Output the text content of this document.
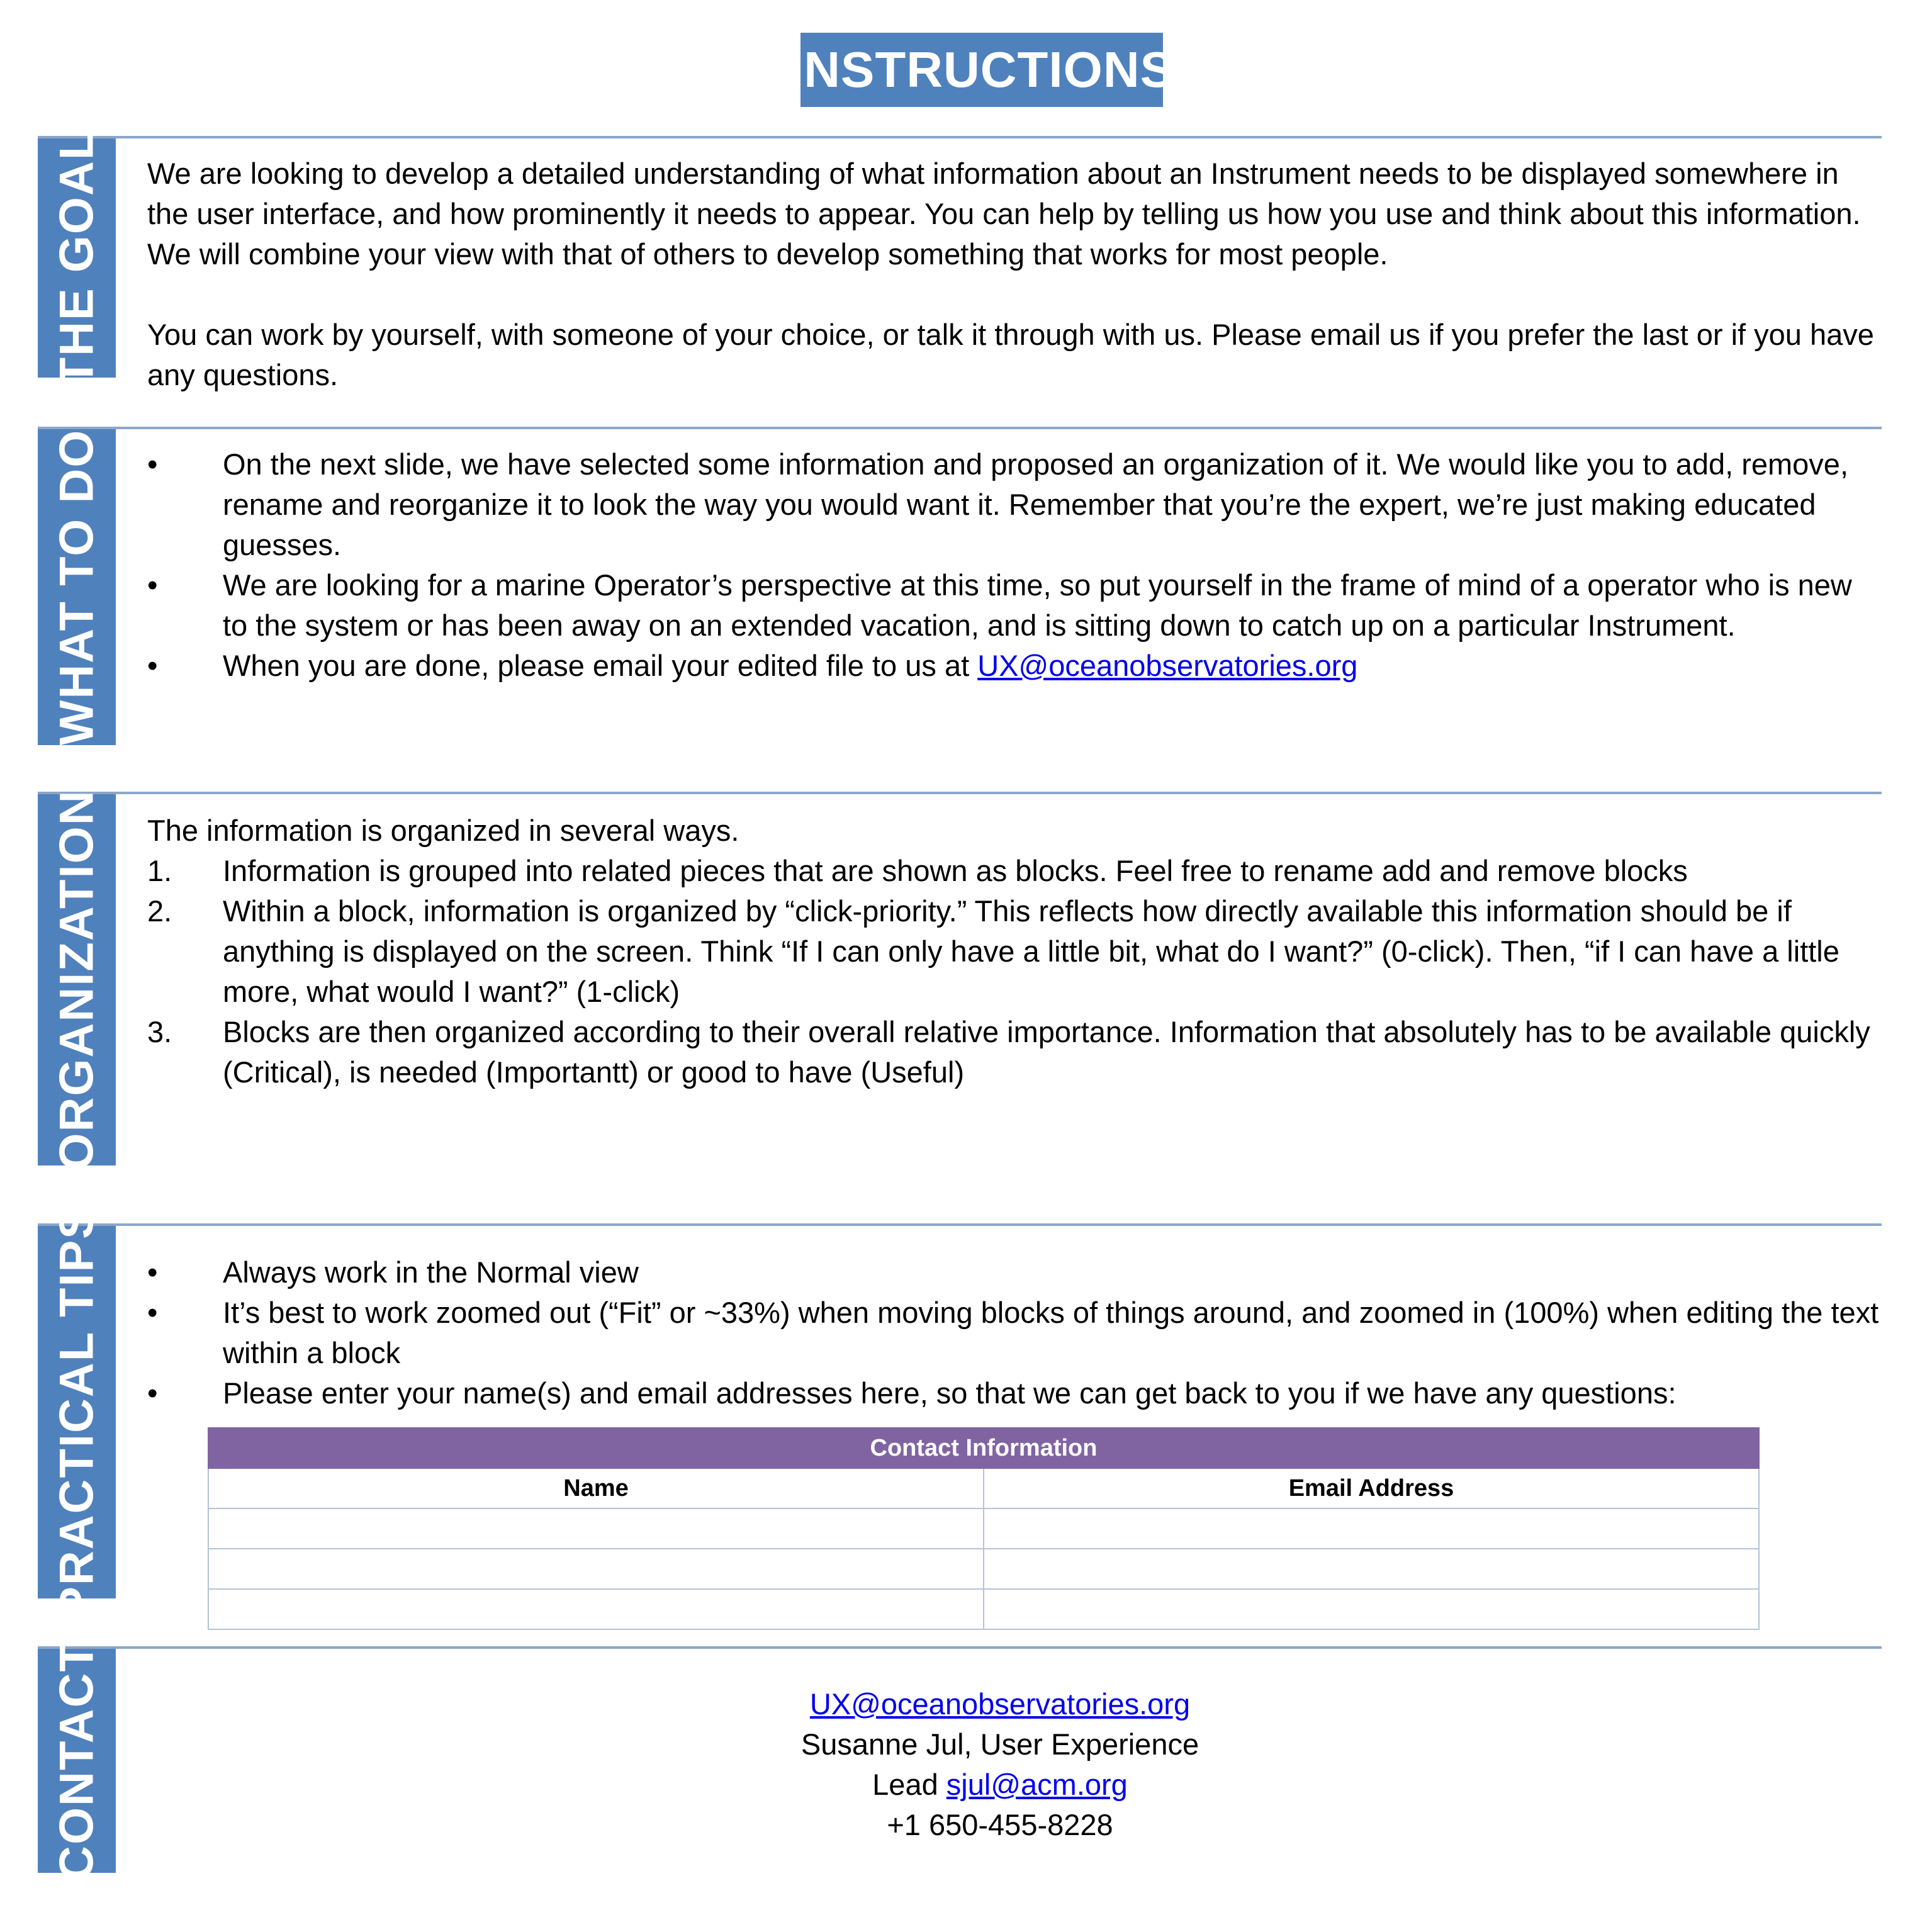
INSTRUCTIONS
THE GOAL We are looking to develop a detailed understanding of what information about an Instrument needs to be displayed somewhere in the user interface, and how prominently it needs to appear. You can help by telling us how you use and think about this information. We will combine your view with that of others to develop something that works for most people.

You can work by yourself, with someone of your choice, or talk it through with us. Please email us if you prefer the last or if you have any questions.

WHAT TO DO • On the next slide, we have selected some information and proposed an organization of it. We would like you to add, remove, rename and reorganize it to look the way you would want it. Remember that you’re the expert, we’re just making educated guesses.
• We are looking for a marine Operator’s perspective at this time, so put yourself in the frame of mind of a operator who is new to the system or has been away on an extended vacation, and is sitting down to catch up on a particular Instrument.
• When you are done, please email your edited file to us at UX@oceanobservatories.org
ORGANIZATION The information is organized in several ways.

1. Information is grouped into related pieces that are shown as blocks. Feel free to rename add and remove blocks
2. Within a block, information is organized by “click-priority.” This reflects how directly available this information should be if anything is displayed on the screen. Think “If I can only have a little bit, what do I want?” (0-click). Then, “if I can have a little more, what would I want?” (1-click)
3. Blocks are then organized according to their overall relative importance. Information that absolutely has to be available quickly (Critical), is needed (Importantt) or good to have (Useful)
PRACTICAL TIPS • Always work in the Normal view
• It’s best to work zoomed out (“Fit” or ~33%) when moving blocks of things around, and zoomed in (100%) when editing the text within a block
• Please enter your name(s) and email addresses here, so that we can get back to you if we have any questions:
Contact Information	
Name	Email Address

CONTACT	UX@oceanobservatories.org

Susanne Jul, User Experience

Lead sjul@acm.org

+1 650-455-8228
